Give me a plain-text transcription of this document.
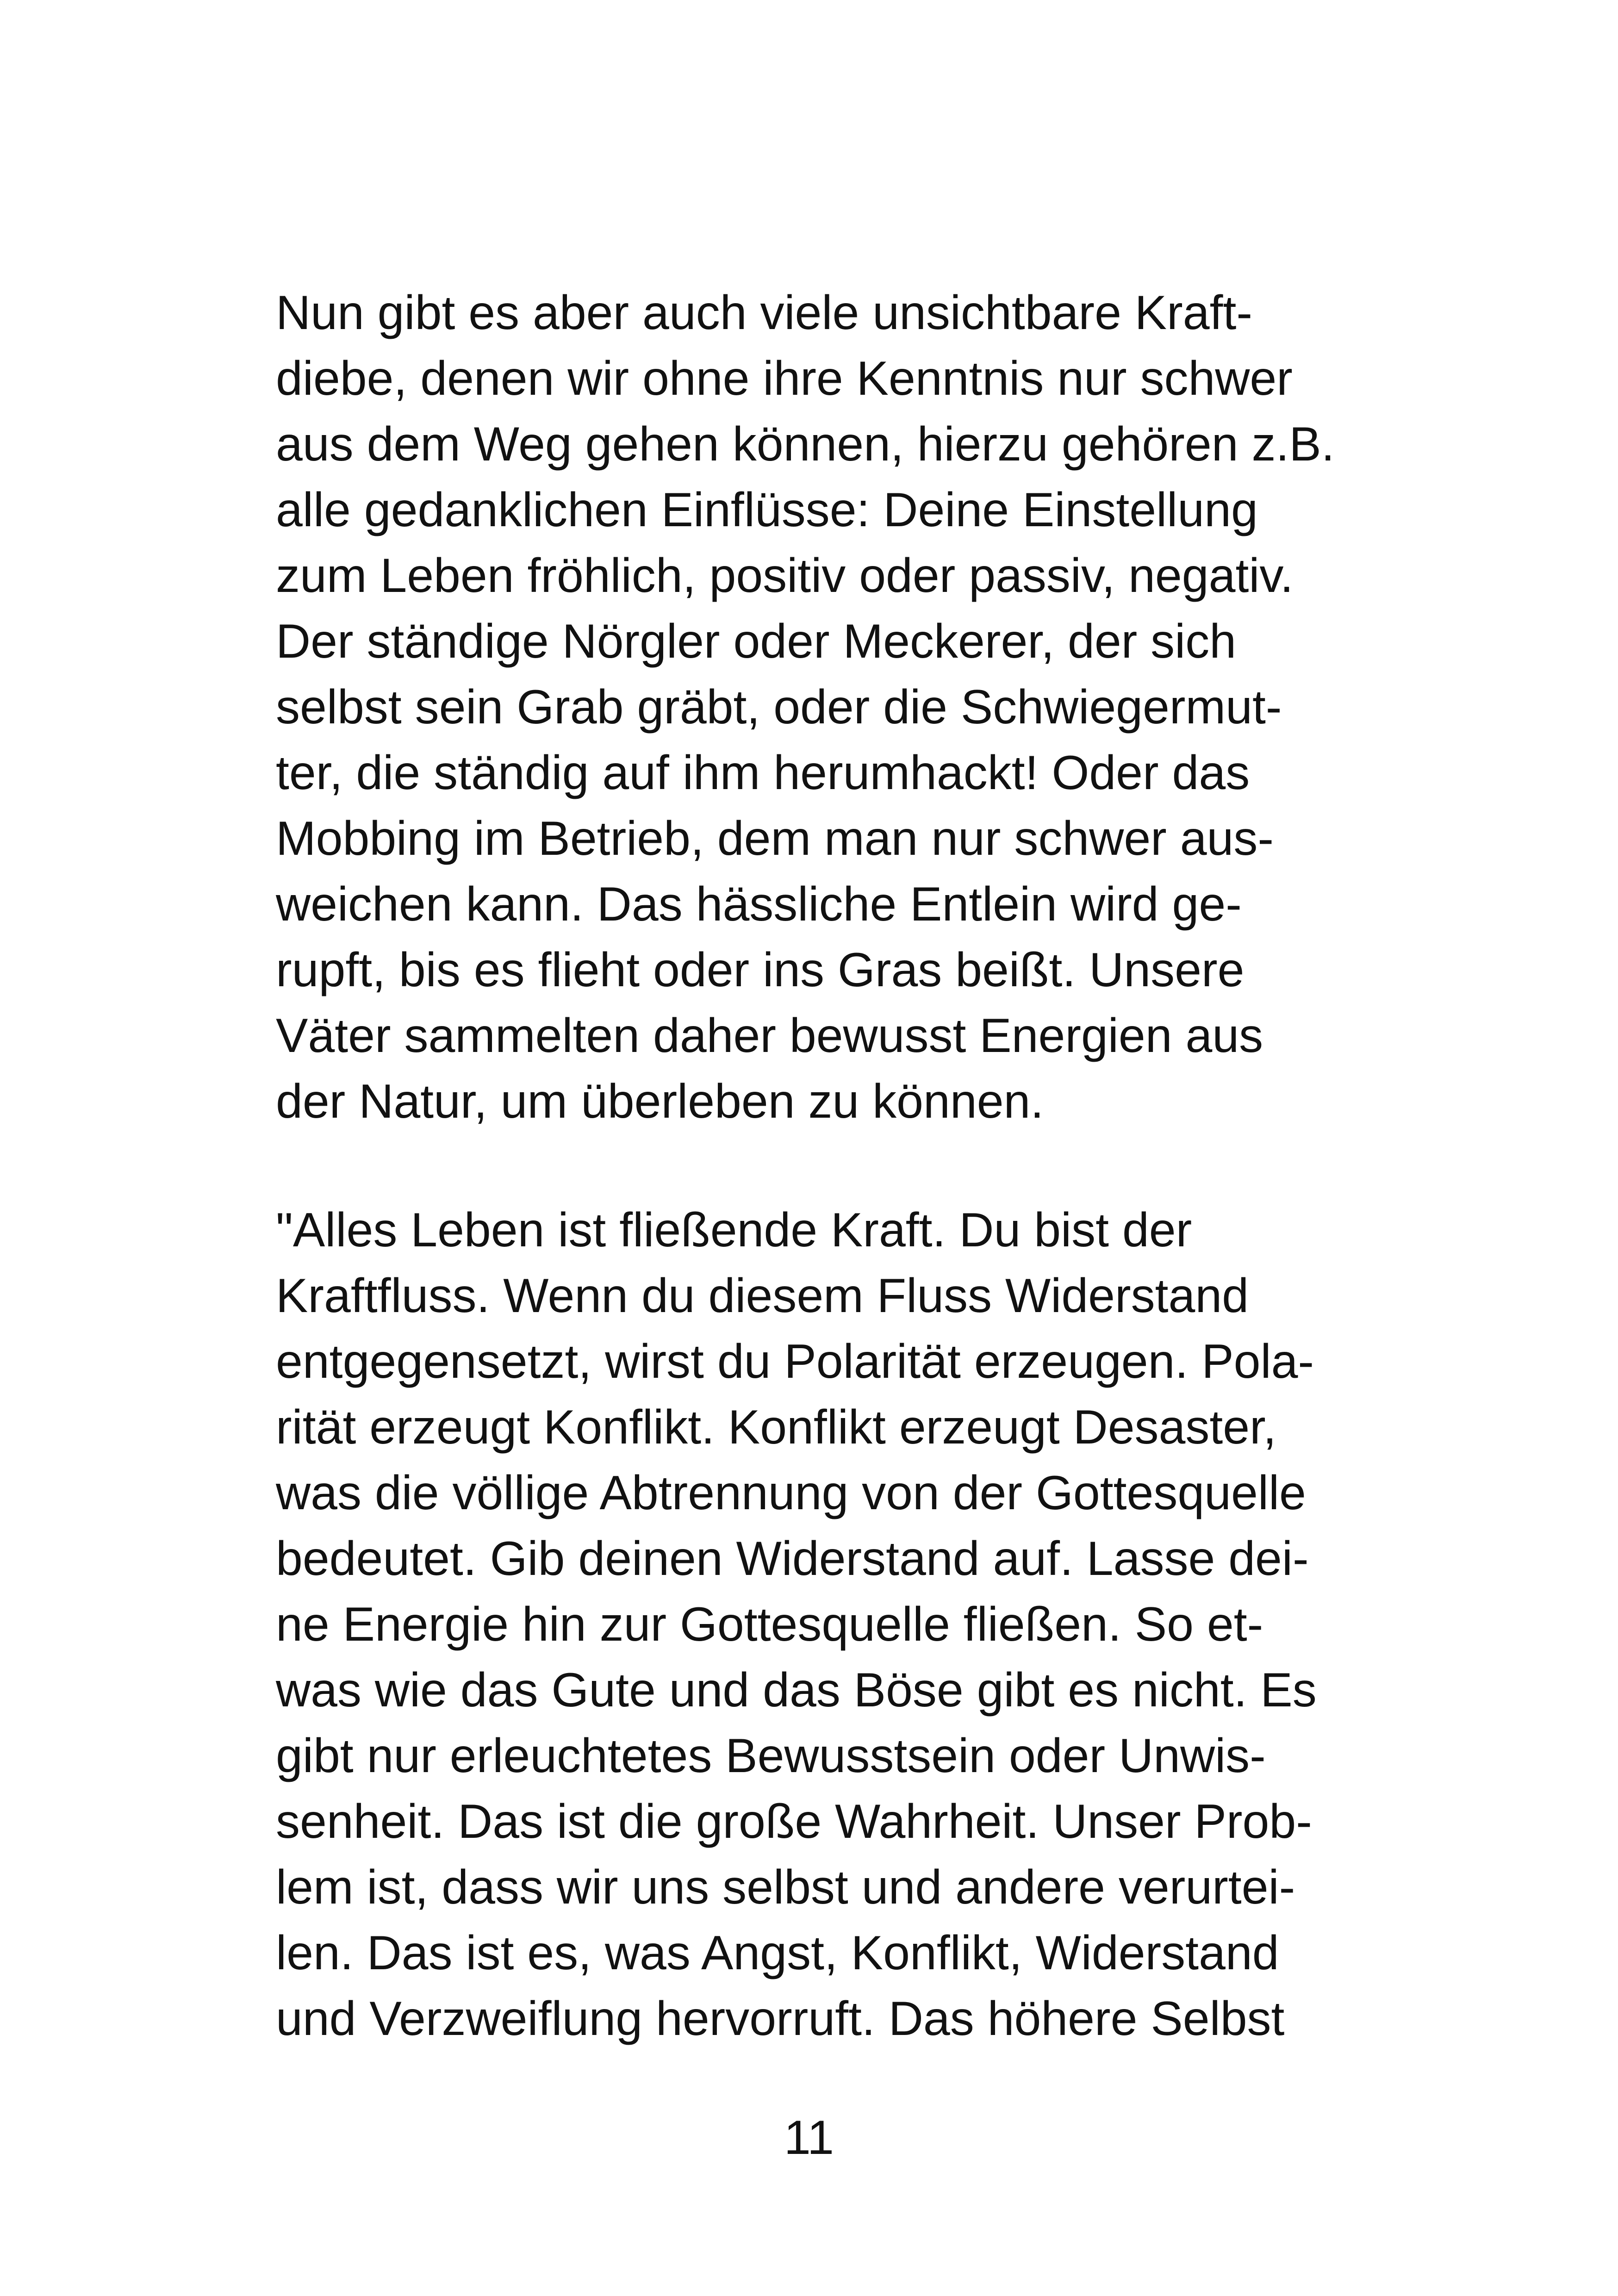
Nun gibt es aber auch viele unsichtbare Kraft-
diebe, denen wir ohne ihre Kenntnis nur schwer
aus dem Weg gehen können, hierzu gehören z.B.
alle gedanklichen Einflüsse: Deine Einstellung
zum Leben fröhlich, positiv oder passiv, negativ.
Der ständige Nörgler oder Meckerer, der sich
selbst sein Grab gräbt, oder die Schwiegermut-
ter, die ständig auf ihm herumhackt! Oder das
Mobbing im Betrieb, dem man nur schwer aus-
weichen kann. Das hässliche Entlein wird ge-
rupft, bis es flieht oder ins Gras beißt. Unsere
Väter sammelten daher bewusst Energien aus
der Natur, um überleben zu können.
"Alles Leben ist fließende Kraft. Du bist der
Kraftfluss. Wenn du diesem Fluss Widerstand
entgegensetzt, wirst du Polarität erzeugen. Pola-
rität erzeugt Konflikt. Konflikt erzeugt Desaster,
was die völlige Abtrennung von der Gottesquelle
bedeutet. Gib deinen Widerstand auf. Lasse dei-
ne Energie hin zur Gottesquelle fließen. So et-
was wie das Gute und das Böse gibt es nicht. Es
gibt nur erleuchtetes Bewusstsein oder Unwis-
senheit. Das ist die große Wahrheit. Unser Prob-
lem ist, dass wir uns selbst und andere verurtei-
len. Das ist es, was Angst, Konflikt, Widerstand
und Verzweiflung hervorruft. Das höhere Selbst
11
